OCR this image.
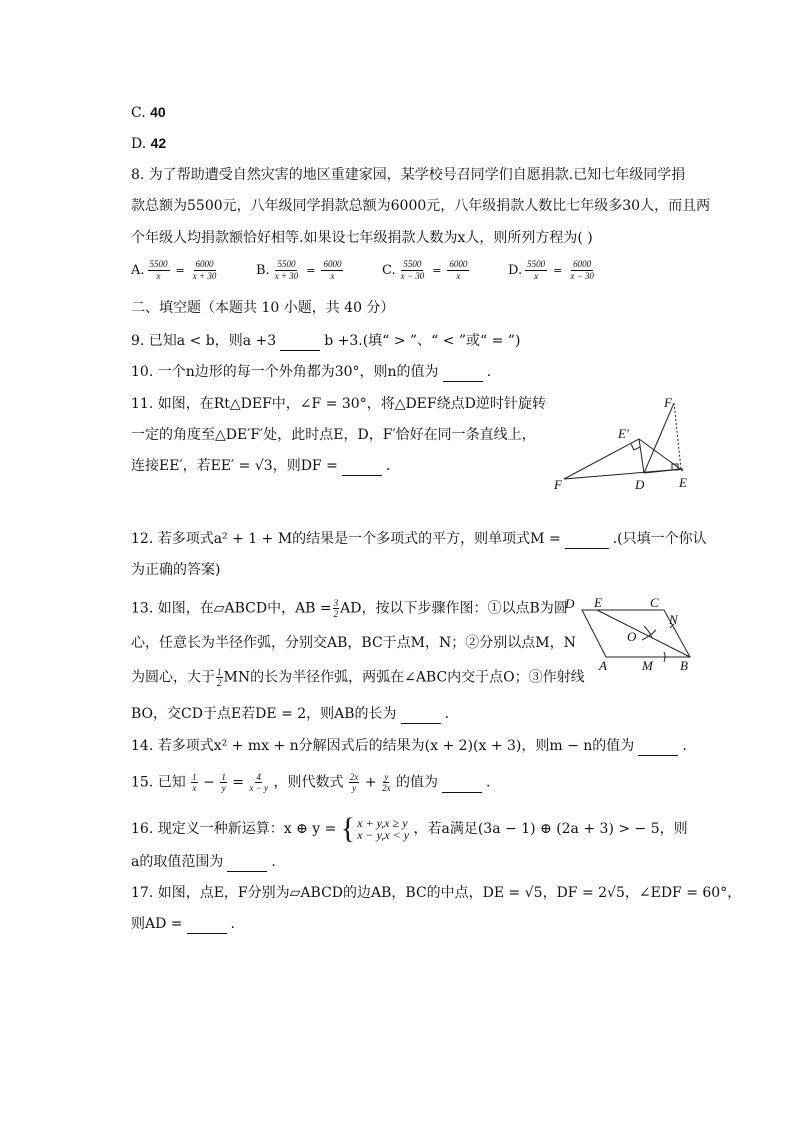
C. 40
D. 42
8. 为了帮助遭受自然灾害的地区重建家园，某学校号召同学们自愿捐款.已知七年级同学捐
款总额为5500元，八年级同学捐款总额为6000元，八年级捐款人数比七年级多30人，而且两
个年级人均捐款额恰好相等.如果设七年级捐款人数为x人，则所列方程为( )
A. $\frac{5500}{x} = \frac{6000}{x + 30}$	B. $\frac{5500}{x + 30} = \frac{6000}{x}$	C. $\frac{5500}{x - 30} = \frac{6000}{x}$	D. $\frac{5500}{x} = \frac{6000}{x - 30}$
二、填空题（本题共 10 小题，共 40 分）
9. 已知a < b，则a +3	b +3.(填“ > ”、“ < ”或“ = ”)
10. 一个n边形的每一个外角都为30°，则n的值为	.
11. 如图，在Rt△DEF中，∠F = 30°，将△DEF绕点D逆时针旋转
一定的角度至△DE′F′处，此时点E，D，F′恰好在同一条直线上，
连接EE′，若EE′ = √3，则DF =	.
F
E′
F	D	E
12. 若多项式a² + 1 + M的结果是一个多项式的平方，则单项式M =	.(只填一个你认
为正确的答案)
13. 如图，在▱ABCD中，AB = $\frac{3}{2}$ AD，按以下步骤作图：①以点B为圆
心，任意长为半径作弧，分别交AB，BC于点M，N；②分别以点M，N
为圆心，大于 $\frac{1}{2}$ MN的长为半径作弧，两弧在∠ABC内交于点O；③作射线
BO，交CD于点E若DE = 2，则AB的长为	.
D E	C
N
O
A	M B
14. 若多项式x² + mx + n分解因式后的结果为(x + 2)(x + 3)，则m − n的值为	.
15. 已知 $\frac{1}{x} - \frac{1}{y} = \frac{4}{x - y}$ ，则代数式 $\frac{2x}{y} + \frac{y}{2x}$ 的值为	.
16. 现定义一种新运算：x ⊕ y = { x + y,x ≥ y
x − y,x < y ，若a满足(3a − 1) ⊕ (2a + 3) > − 5，则
a的取值范围为	.
17. 如图，点E，F分别为▱ABCD的边AB，BC的中点，DE = √5，DF = 2√5，∠EDF = 60°，
则AD =	.
